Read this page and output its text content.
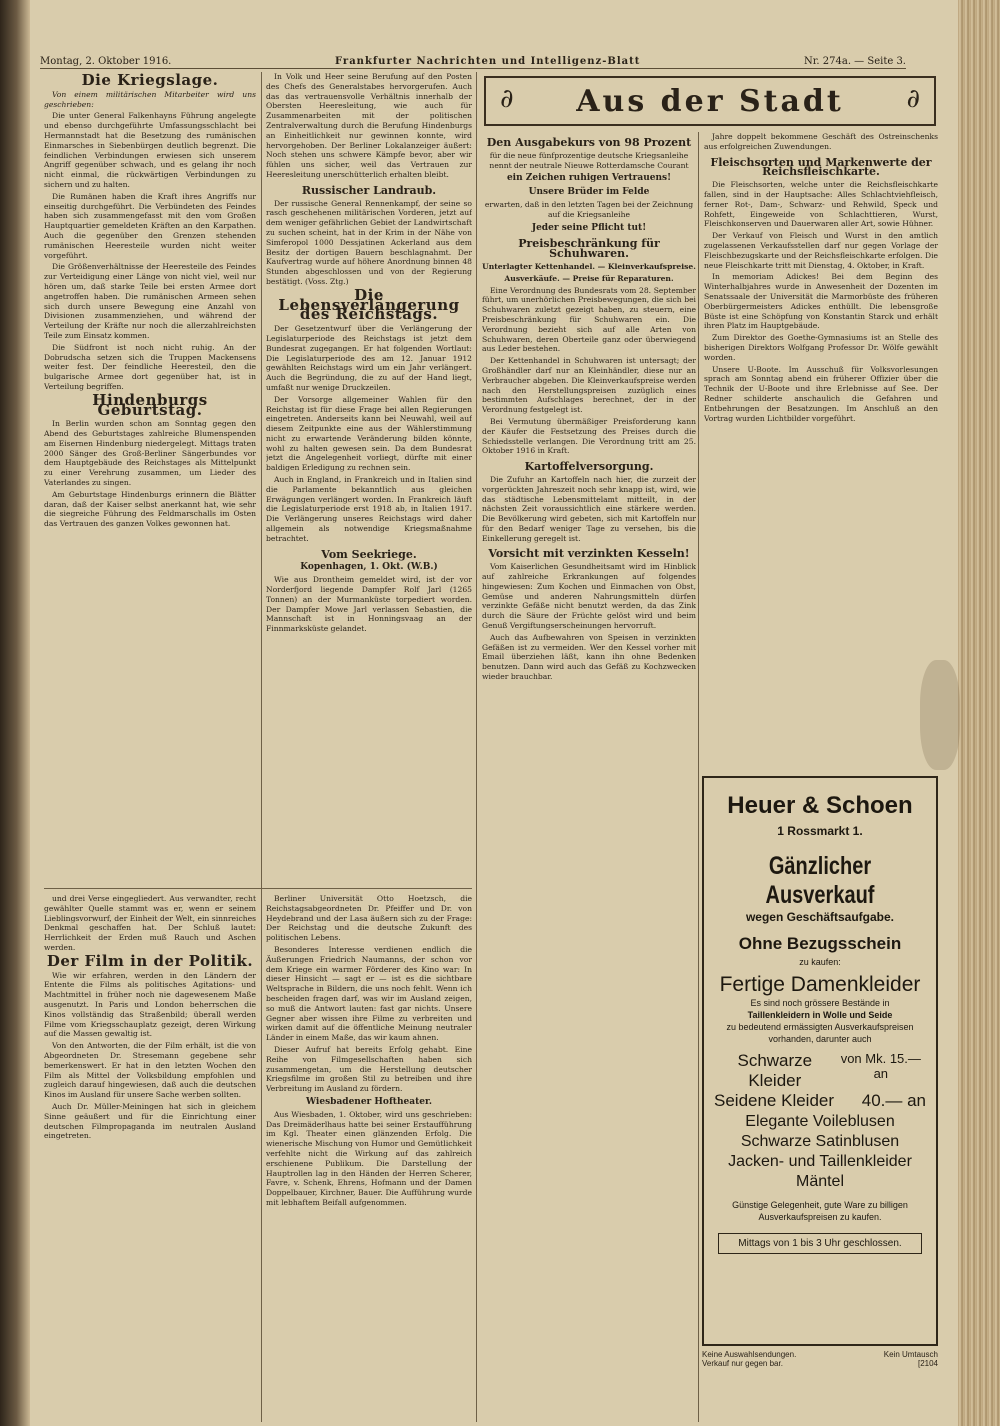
Montag, 2. Oktober 1916.	Frankfurter Nachrichten und Intelligenz-Blatt	Nr. 274a. — Seite 3.
Die Kriegslage.

Von einem militärischen Mitarbeiter wird uns geschrieben:

Die unter General Falkenhayns Führung angelegte und ebenso durchgeführte Umfassungsschlacht bei Hermannstadt hat die Besetzung des rumänischen Einmarsches in Siebenbürgen deutlich begrenzt. Die feindlichen Verbindungen erwiesen sich unserem Angriff gegenüber schwach, und es gelang ihr noch nicht einmal, die rückwärtigen Verbindungen zu sichern und zu halten.

Die Rumänen haben die Kraft ihres Angriffs nur einseitig durchgeführt. Die Verbündeten des Feindes haben sich zusammengefasst mit den vom Großen Hauptquartier gemeldeten Kräften an den Karpathen. Auch die gegenüber den Grenzen stehenden rumänischen Heeresteile wurden nicht weiter vorgeführt.

Die Größenverhältnisse der Heeresteile des Feindes zur Verteidigung einer Länge von nicht viel, weil nur hören um, daß starke Teile bei ersten Armee dort angetroffen haben. Die rumänischen Armeen sehen sich durch unsere Bewegung eine Anzahl von Divisionen zusammenziehen, und während der Verteilung der Kräfte nur noch die allerzahlreichsten Teile zum Einsatz kommen.

Die Südfront ist noch nicht ruhig. An der Dobrudscha setzen sich die Truppen Mackensens weiter fest. Der feindliche Heeresteil, den die bulgarische Armee dort gegenüber hat, ist in Verteilung begriffen.

Hindenburgs Geburtstag.

In Berlin wurden schon am Sonntag gegen den Abend des Geburtstages zahlreiche Blumenspenden am Eisernen Hindenburg niedergelegt. Mittags traten 2000 Sänger des Groß-Berliner Sängerbundes vor dem Hauptgebäude des Reichstages als Mittelpunkt zu einer Verehrung zusammen, um Lieder des Vaterlandes zu singen.

Am Geburtstage Hindenburgs erinnern die Blätter daran, daß der Kaiser selbst anerkannt hat, wie sehr die siegreiche Führung des Feldmarschalls im Osten das Vertrauen des ganzen Volkes gewonnen hat.

In Volk und Heer seine Berufung auf den Posten des Chefs des Generalstabes hervorgerufen. Auch das das vertrauensvolle Verhältnis innerhalb der Obersten Heeresleitung, wie auch für Zusammenarbeiten mit der politischen Zentralverwaltung durch die Berufung Hindenburgs an Einheitlichkeit nur gewinnen konnte, wird hervorgehoben. Der Berliner Lokalanzeiger äußert: Noch stehen uns schwere Kämpfe bevor, aber wir fühlen uns sicher, weil das Vertrauen zur Heeresleitung unerschütterlich erhalten bleibt.

Russischer Landraub.

Der russische General Rennenkampf, der seine so rasch geschehenen militärischen Vorderen, jetzt auf dem weniger gefährlichen Gebiet der Landwirtschaft zu suchen scheint, hat in der Krim in der Nähe von Simferopol 1000 Dessjatinen Ackerland aus dem Besitz der dortigen Bauern beschlagnahmt. Der Kaufvertrag wurde auf höhere Anordnung binnen 48 Stunden abgeschlossen und von der Regierung bestätigt. (Voss. Ztg.)

Die Lebensverlängerung des Reichstags.

Der Gesetzentwurf über die Verlängerung der Legislaturperiode des Reichstags ist jetzt dem Bundesrat zugegangen. Er hat folgenden Wortlaut: Die Legislaturperiode des am 12. Januar 1912 gewählten Reichstags wird um ein Jahr verlängert. Auch die Begründung, die zu auf der Hand liegt, umfaßt nur wenige Druckzeilen.

Der Vorsorge allgemeiner Wahlen für den Reichstag ist für diese Frage bei allen Regierungen eingetreten. Anderseits kann bei Neuwahl, weil auf diesem Zeitpunkte eine aus der Wählerstimmung nicht zu erwartende Veränderung bilden könnte, wohl zu halten gewesen sein. Da dem Bundesrat jetzt die Angelegenheit vorliegt, dürfte mit einer baldigen Erledigung zu rechnen sein.

Auch in England, in Frankreich und in Italien sind die Parlamente bekanntlich aus gleichen Erwägungen verlängert worden. In Frankreich läuft die Legislaturperiode erst 1918 ab, in Italien 1917. Die Verlängerung unseres Reichstags wird daher allgemein als notwendige Kriegsmaßnahme betrachtet.

Vom Seekriege.
Kopenhagen, 1. Okt. (W.B.)

Wie aus Drontheim gemeldet wird, ist der vor Norderfjord liegende Dampfer Rolf Jarl (1265 Tonnen) an der Murmanküste torpediert worden. Der Dampfer Mowe Jarl verlassen Sebastien, die Mannschaft ist in Honningsvaag an der Finnmarksküste gelandet.

und drei Verse eingegliedert. Aus verwandter, recht gewählter Quelle stammt was er, wenn er seinem Lieblingsvorwurf, der Einheit der Welt, ein sinnreiches Denkmal geschaffen hat. Der Schluß lautet: Herrlichkeit der Erden muß Rauch und Aschen werden.

Der Film in der Politik.

Wie wir erfahren, werden in den Ländern der Entente die Films als politisches Agitations- und Machtmittel in früher noch nie dagewesenem Maße ausgenutzt. In Paris und London beherrschen die Kinos vollständig das Straßenbild; überall werden Filme vom Kriegsschauplatz gezeigt, deren Wirkung auf die Massen gewaltig ist.

Von den Antworten, die der Film erhält, ist die von Abgeordneten Dr. Stresemann gegebene sehr bemerkenswert. Er hat in den letzten Wochen den Film als Mittel der Volksbildung empfohlen und zugleich darauf hingewiesen, daß auch die deutschen Kinos im Ausland für unsere Sache werben sollten.

Auch Dr. Müller-Meiningen hat sich in gleichem Sinne geäußert und für die Einrichtung einer deutschen Filmpropaganda im neutralen Ausland eingetreten.

Berliner Universität Otto Hoetzsch, die Reichstagsabgeordneten Dr. Pfeiffer und Dr. von Heydebrand und der Lasa äußern sich zu der Frage: Der Reichstag und die deutsche Zukunft des politischen Lebens.

Besonderes Interesse verdienen endlich die Äußerungen Friedrich Naumanns, der schon vor dem Kriege ein warmer Förderer des Kino war: In dieser Hinsicht — sagt er — ist es die sichtbare Weltsprache in Bildern, die uns noch fehlt. Wenn ich bescheiden fragen darf, was wir im Ausland zeigen, so muß die Antwort lauten: fast gar nichts. Unsere Gegner aber wissen ihre Filme zu verbreiten und wirken damit auf die öffentliche Meinung neutraler Länder in einem Maße, das wir kaum ahnen.

Dieser Aufruf hat bereits Erfolg gehabt. Eine Reihe von Filmgesellschaften haben sich zusammengetan, um die Herstellung deutscher Kriegsfilme im großen Stil zu betreiben und ihre Verbreitung im Ausland zu fördern.

Wiesbadener Hoftheater.

Aus Wiesbaden, 1. Oktober, wird uns geschrieben: Das Dreimäderlhaus hatte bei seiner Erstaufführung im Kgl. Theater einen glänzenden Erfolg. Die wienerische Mischung von Humor und Gemütlichkeit verfehlte nicht die Wirkung auf das zahlreich erschienene Publikum. Die Darstellung der Hauptrollen lag in den Händen der Herren Scherer, Favre, v. Schenk, Ehrens, Hofmann und der Damen Doppelbauer, Kirchner, Bauer. Die Aufführung wurde mit lebhaftem Beifall aufgenommen.

∂ Aus der Stadt ∂
Den Ausgabekurs von 98 Prozent

für die neue fünfprozentige deutsche Kriegsanleihe nennt der neutrale Nieuwe Rotterdamsche Courant

ein Zeichen ruhigen Vertrauens!
Unsere Brüder im Felde

erwarten, daß in den letzten Tagen bei der Zeichnung auf die Kriegsanleihe

Jeder seine Pflicht tut!
Preisbeschränkung für Schuhwaren.

Unterlagter Kettenhandel. — Kleinverkaufspreise.

Ausverkäufe. — Preise für Reparaturen.

Eine Verordnung des Bundesrats vom 28. September führt, um unerhörlichen Preisbewegungen, die sich bei Schuhwaren zuletzt gezeigt haben, zu steuern, eine Preisbeschränkung für Schuhwaren ein. Die Verordnung bezieht sich auf alle Arten von Schuhwaren, deren Oberteile ganz oder überwiegend aus Leder bestehen.

Der Kettenhandel in Schuhwaren ist untersagt; der Großhändler darf nur an Kleinhändler, diese nur an Verbraucher abgeben. Die Kleinverkaufspreise werden nach den Herstellungspreisen zuzüglich eines bestimmten Aufschlages berechnet, der in der Verordnung festgelegt ist.

Bei Vermutung übermäßiger Preisforderung kann der Käufer die Festsetzung des Preises durch die Schiedsstelle verlangen. Die Verordnung tritt am 25. Oktober 1916 in Kraft.

Kartoffelversorgung.

Die Zufuhr an Kartoffeln nach hier, die zurzeit der vorgerückten Jahreszeit noch sehr knapp ist, wird, wie das städtische Lebensmittelamt mitteilt, in der nächsten Zeit voraussichtlich eine stärkere werden. Die Bevölkerung wird gebeten, sich mit Kartoffeln nur für den Bedarf weniger Tage zu versehen, bis die Einkellerung geregelt ist.

Vorsicht mit verzinkten Kesseln!

Vom Kaiserlichen Gesundheitsamt wird im Hinblick auf zahlreiche Erkrankungen auf folgendes hingewiesen: Zum Kochen und Einmachen von Obst, Gemüse und anderen Nahrungsmitteln dürfen verzinkte Gefäße nicht benutzt werden, da das Zink durch die Säure der Früchte gelöst wird und beim Genuß Vergiftungserscheinungen hervorruft.

Auch das Aufbewahren von Speisen in verzinkten Gefäßen ist zu vermeiden. Wer den Kessel vorher mit Email überziehen läßt, kann ihn ohne Bedenken benutzen. Dann wird auch das Gefäß zu Kochzwecken wieder brauchbar.

Jahre doppelt bekommene Geschäft des Ostreinschenks aus erfolgreichen Zuwendungen.

Fleischsorten und Markenwerte der Reichsfleischkarte.

Die Fleischsorten, welche unter die Reichsfleischkarte fallen, sind in der Hauptsache: Alles Schlachtviehfleisch, ferner Rot-, Dam-, Schwarz- und Rehwild, Speck und Rohfett, Eingeweide von Schlachttieren, Wurst, Fleischkonserven und Dauerwaren aller Art, sowie Hühner.

Der Verkauf von Fleisch und Wurst in den amtlich zugelassenen Verkaufsstellen darf nur gegen Vorlage der Fleischbezugskarte und der Reichsfleischkarte erfolgen. Die neue Fleischkarte tritt mit Dienstag, 4. Oktober, in Kraft.

In memoriam Adickes! Bei dem Beginn des Winterhalbjahres wurde in Anwesenheit der Dozenten im Senatssaale der Universität die Marmorbüste des früheren Oberbürgermeisters Adickes enthüllt. Die lebensgroße Büste ist eine Schöpfung von Konstantin Starck und erhält ihren Platz im Hauptgebäude.

Zum Direktor des Goethe-Gymnasiums ist an Stelle des bisherigen Direktors Wolfgang Professor Dr. Wölfe gewählt worden.

Unsere U-Boote. Im Ausschuß für Volksvorlesungen sprach am Sonntag abend ein früherer Offizier über die Technik der U-Boote und ihre Erlebnisse auf See. Der Redner schilderte anschaulich die Gefahren und Entbehrungen der Besatzungen. Im Anschluß an den Vortrag wurden Lichtbilder vorgeführt.

Heuer & Schoen
1 Rossmarkt 1.
Gänzlicher Ausverkauf
wegen Geschäftsaufgabe.
Ohne Bezugsschein
zu kaufen:
Fertige Damenkleider
Es sind noch grössere Bestände in
Taillenkleidern in Wolle und Seide
zu bedeutend ermässigten Ausverkaufspreisen vorhanden, darunter auch
Schwarze Kleider
von Mk. 15.— an
Seidene Kleider 40.— an
Elegante Voileblusen
Schwarze Satinblusen
Jacken- und Taillenkleider
Mäntel
Günstige Gelegenheit, gute Ware zu billigen Ausverkaufspreisen zu kaufen.
Mittags von 1 bis 3 Uhr geschlossen.
Keine Auswahlsendungen.	Kein Umtausch
Verkauf nur gegen bar.	[2104
